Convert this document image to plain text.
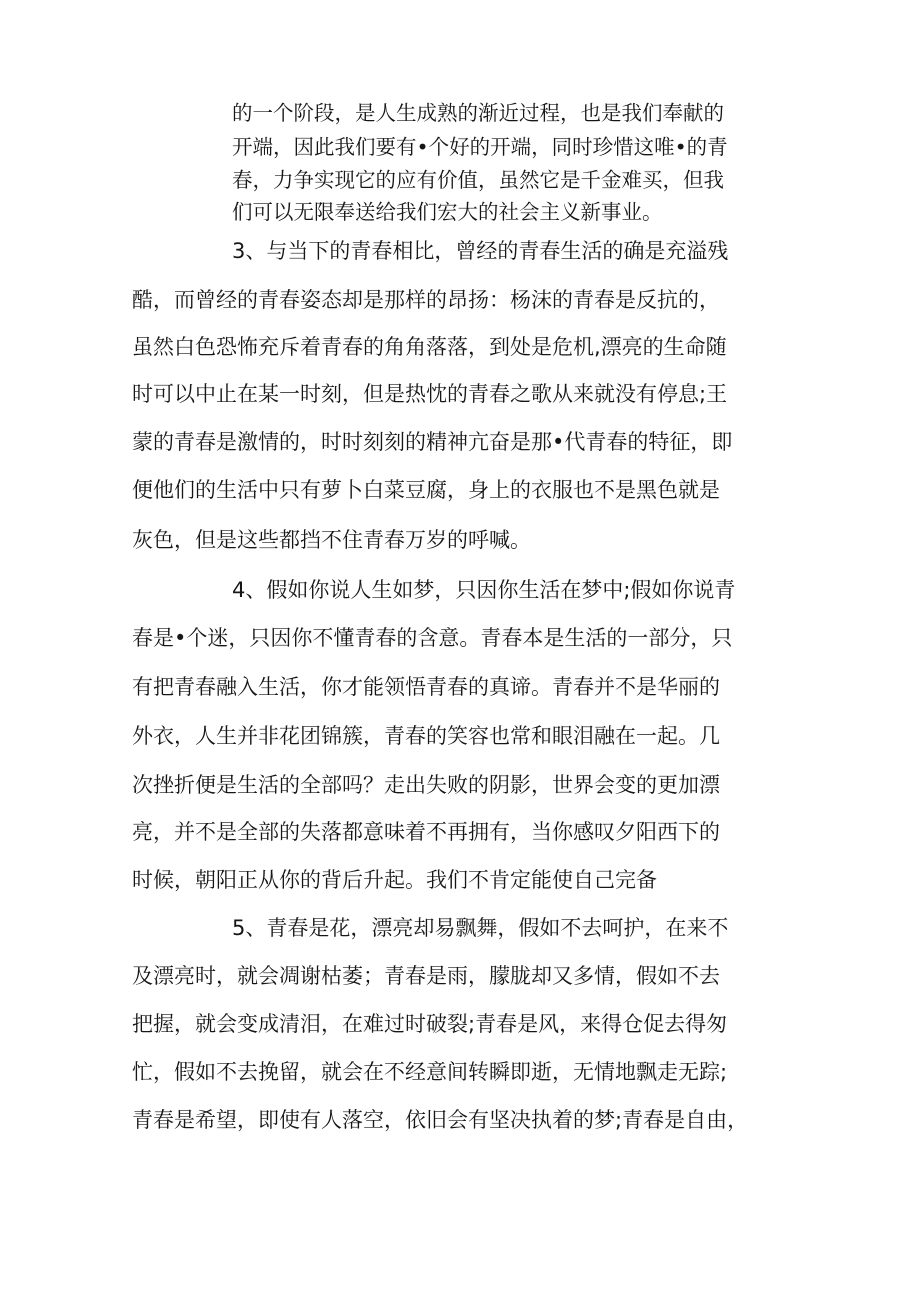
的一个阶段，是人生成熟的渐近过程，也是我们奉献的

开端，因此我们要有•个好的开端，同时珍惜这唯•的青

春，力争实现它的应有价值，虽然它是千金难买，但我

们可以无限奉送给我们宏大的社会主义新事业。

3、与当下的青春相比，曾经的青春生活的确是充溢残

酷，而曾经的青春姿态却是那样的昂扬：杨沫的青春是反抗的，

虽然白色恐怖充斥着青春的角角落落，到处是危机,漂亮的生命随

时可以中止在某一时刻，但是热忱的青春之歌从来就没有停息;王

蒙的青春是激情的，时时刻刻的精神亢奋是那•代青春的特征，即

便他们的生活中只有萝卜白菜豆腐，身上的衣服也不是黑色就是

灰色，但是这些都挡不住青春万岁的呼喊。

4、假如你说人生如梦，只因你生活在梦中;假如你说青

春是•个迷，只因你不懂青春的含意。青春本是生活的一部分，只

有把青春融入生活，你才能领悟青春的真谛。青春并不是华丽的

外衣，人生并非花团锦簇，青春的笑容也常和眼泪融在一起。几

次挫折便是生活的全部吗？走出失败的阴影，世界会变的更加漂

亮，并不是全部的失落都意味着不再拥有，当你感叹夕阳西下的

时候，朝阳正从你的背后升起。我们不肯定能使自己完备

5、青春是花，漂亮却易飘舞，假如不去呵护，在来不

及漂亮时，就会凋谢枯萎；青春是雨，朦胧却又多情，假如不去

把握，就会变成清泪，在难过时破裂;青春是风，来得仓促去得匆

忙，假如不去挽留，就会在不经意间转瞬即逝，无情地飘走无踪;

青春是希望，即使有人落空，依旧会有坚决执着的梦;青春是自由，
